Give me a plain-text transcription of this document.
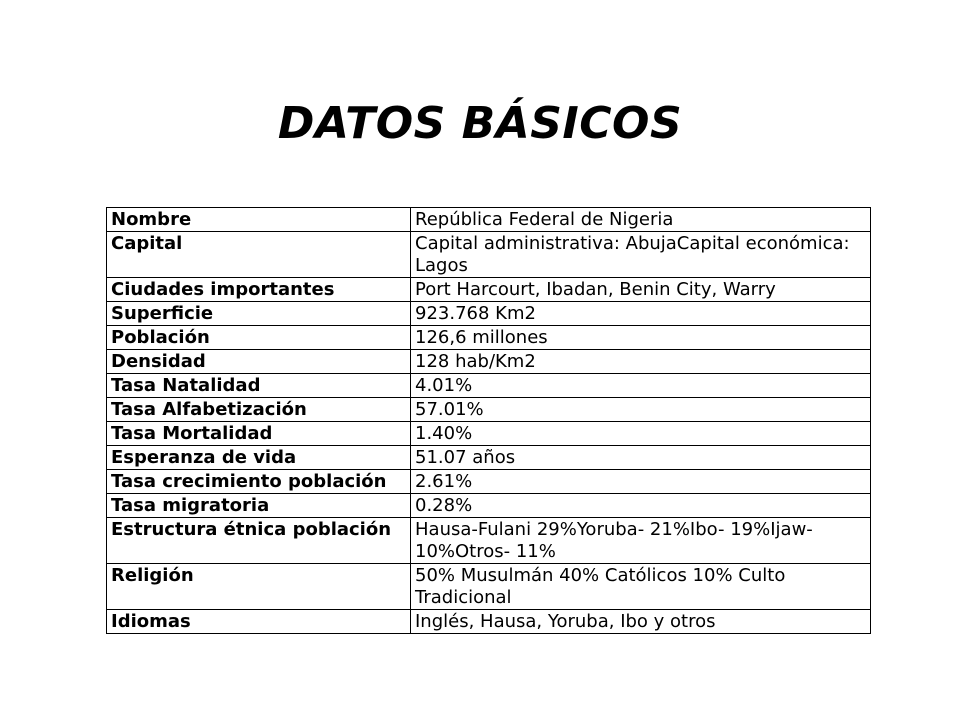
DATOS BÁSICOS
Nombre	República Federal de Nigeria
Capital	Capital administrativa: AbujaCapital económica: Lagos
Ciudades importantes	Port Harcourt, Ibadan, Benin City, Warry
Superficie	923.768 Km2
Población	126,6 millones
Densidad	128 hab/Km2
Tasa Natalidad	4.01%
Tasa Alfabetización	57.01%
Tasa Mortalidad	1.40%
Esperanza de vida	51.07 años
Tasa crecimiento población	2.61%
Tasa migratoria	0.28%
Estructura étnica población	Hausa-Fulani 29%Yoruba- 21%Ibo- 19%Ijaw- 10%Otros- 11%
Religión	50% Musulmán 40% Católicos 10% Culto Tradicional
Idiomas	Inglés, Hausa, Yoruba, Ibo y otros
